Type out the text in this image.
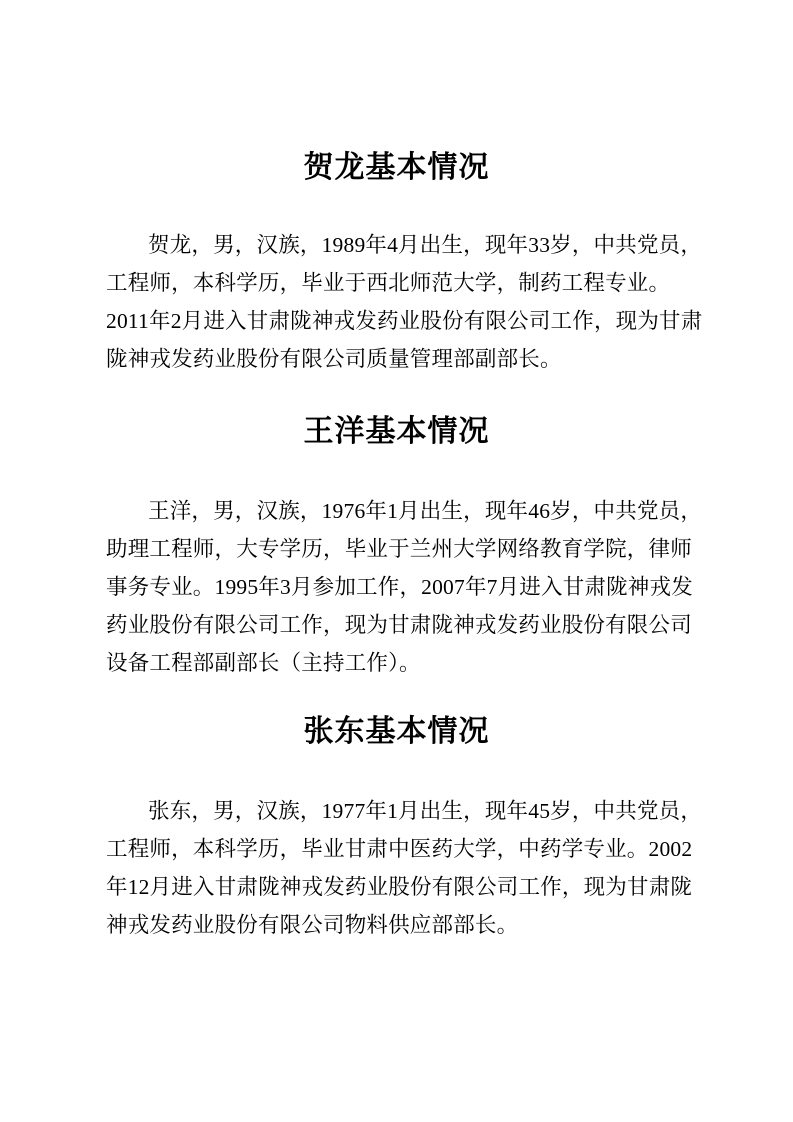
贺龙基本情况
贺龙，男，汉族，1989年4月出生，现年33岁，中共党员，
工程师，本科学历，毕业于西北师范大学，制药工程专业。
2011年2月进入甘肃陇神戎发药业股份有限公司工作，现为甘肃
陇神戎发药业股份有限公司质量管理部副部长。
王洋基本情况
王洋，男，汉族，1976年1月出生，现年46岁，中共党员，
助理工程师，大专学历，毕业于兰州大学网络教育学院，律师
事务专业。1995年3月参加工作，2007年7月进入甘肃陇神戎发
药业股份有限公司工作，现为甘肃陇神戎发药业股份有限公司
设备工程部副部长（主持工作）。
张东基本情况
张东，男，汉族，1977年1月出生，现年45岁，中共党员，
工程师，本科学历，毕业甘肃中医药大学，中药学专业。2002
年12月进入甘肃陇神戎发药业股份有限公司工作，现为甘肃陇
神戎发药业股份有限公司物料供应部部长。
